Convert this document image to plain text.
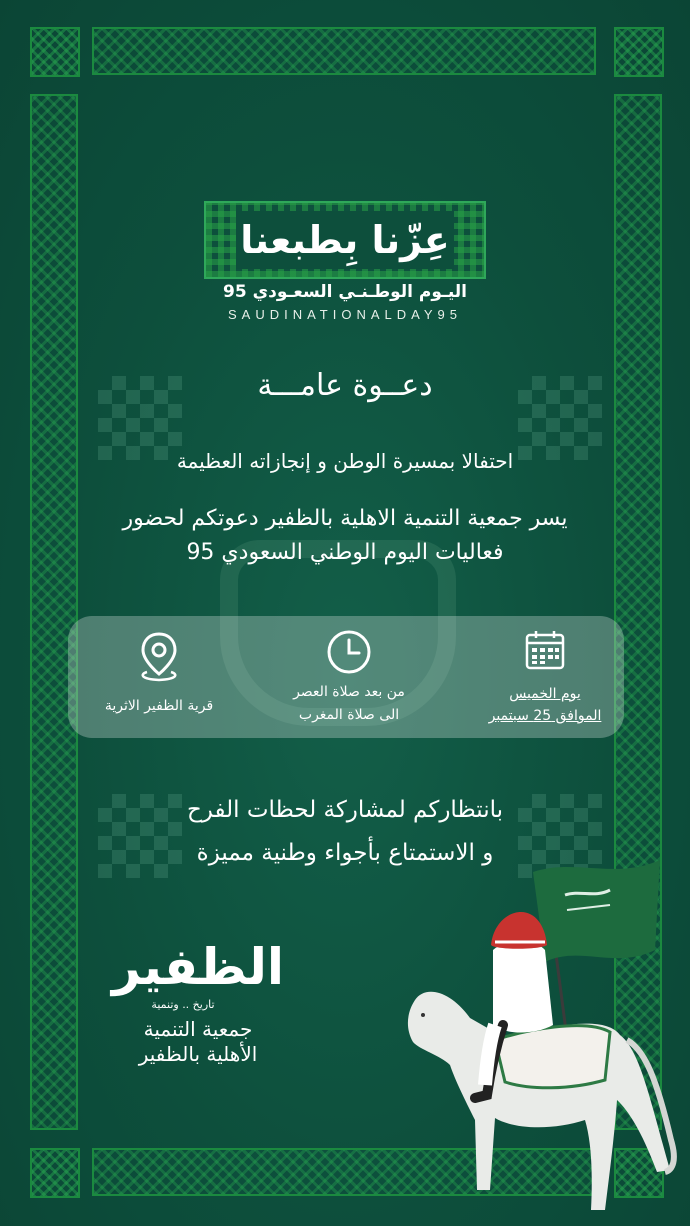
عِزّنا بِطبعنا
اليـوم الوطـنـي السعـودي 95
SAUDINATIONALDAY95
دعــوة عامـــة
احتفالا بمسيرة الوطن و إنجازاته العظيمة
يسر جمعية التنمية الاهلية بالظفير دعوتكم لحضور
فعاليات اليوم الوطني السعودي 95
قرية الظفير الاثرية
من بعد صلاة العصر
الى صلاة المغرب
يوم الخميس
الموافق 25 سبتمبر
بانتظاركم لمشاركة لحظات الفرح
و الاستمتاع بأجواء وطنية مميزة
الظفير
تاريخ .. وتنمية
جمعية التنمية
الأهلية بالظفير
